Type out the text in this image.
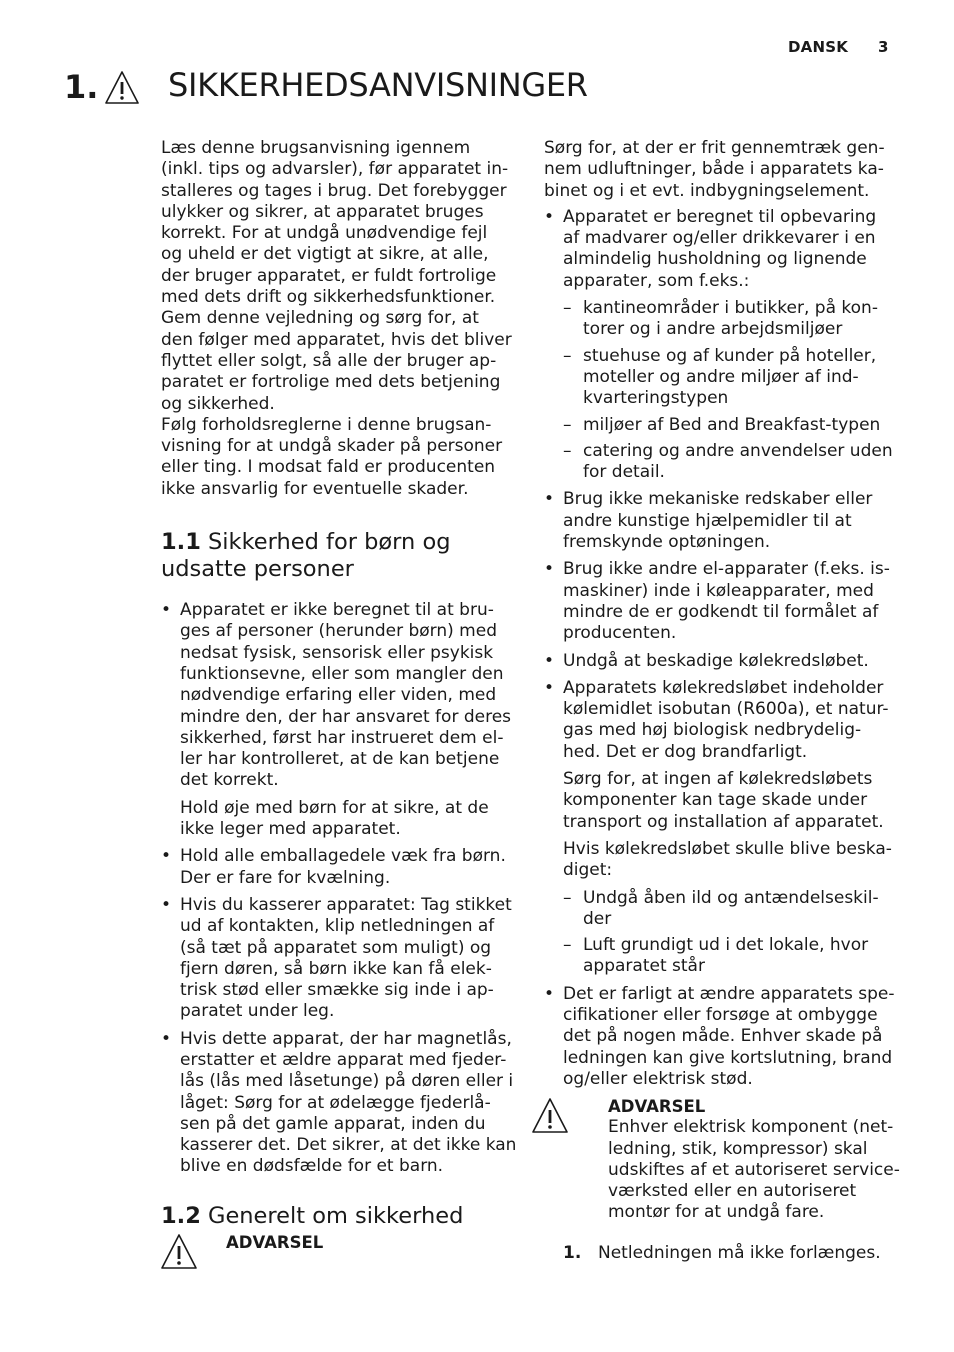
DANSK 3
1. SIKKERHEDSANVISNINGER

Læs denne brugsanvisning igennem
(inkl. tips og advarsler), før apparatet in-
stalleres og tages i brug. Det forebygger
ulykker og sikrer, at apparatet bruges
korrekt. For at undgå unødvendige fejl
og uheld er det vigtigt at sikre, at alle,
der bruger apparatet, er fuldt fortrolige
med dets drift og sikkerhedsfunktioner.
Gem denne vejledning og sørg for, at
den følger med apparatet, hvis det bliver
flyttet eller solgt, så alle der bruger ap-
paratet er fortrolige med dets betjening
og sikkerhed.
Følg forholdsreglerne i denne brugsan-
visning for at undgå skader på personer
eller ting. I modsat fald er producenten
ikke ansvarlig for eventuelle skader.

1.1 Sikkerhed for børn og
udsatte personer
• Apparatet er ikke beregnet til at bru-
ges af personer (herunder børn) med
nedsat fysisk, sensorisk eller psykisk
funktionsevne, eller som mangler den
nødvendige erfaring eller viden, med
mindre den, der har ansvaret for deres
sikkerhed, først har instrueret dem el-
ler har kontrolleret, at de kan betjene
det korrekt.
Hold øje med børn for at sikre, at de
ikke leger med apparatet.
• Hold alle emballagedele væk fra børn.
Der er fare for kvælning.
• Hvis du kasserer apparatet: Tag stikket
ud af kontakten, klip netledningen af
(så tæt på apparatet som muligt) og
fjern døren, så børn ikke kan få elek-
trisk stød eller smække sig inde i ap-
paratet under leg.
• Hvis dette apparat, der har magnetlås,
erstatter et ældre apparat med fjeder-
lås (lås med låsetunge) på døren eller i
låget: Sørg for at ødelægge fjederlå-
sen på det gamle apparat, inden du
kasserer det. Det sikrer, at det ikke kan
blive en dødsfælde for et barn.
1.2 Generelt om sikkerhed
ADVARSEL

Sørg for, at der er frit gennemtræk gen-
nem udluftninger, både i apparatets ka-
binet og i et evt. indbygningselement.

• Apparatet er beregnet til opbevaring
af madvarer og/eller drikkevarer i en
almindelig husholdning og lignende
apparater, som f.eks.:
– kantineområder i butikker, på kon-
torer og i andre arbejdsmiljøer
– stuehuse og af kunder på hoteller,
moteller og andre miljøer af ind-
kvarteringstypen
– miljøer af Bed and Breakfast-typen
– catering og andre anvendelser uden
for detail.
• Brug ikke mekaniske redskaber eller
andre kunstige hjælpemidler til at
fremskynde optøningen.
• Brug ikke andre el-apparater (f.eks. is-
maskiner) inde i køleapparater, med
mindre de er godkendt til formålet af
producenten.
• Undgå at beskadige kølekredsløbet.
• Apparatets kølekredsløbet indeholder
kølemidlet isobutan (R600a), et natur-
gas med høj biologisk nedbrydelig-
hed. Det er dog brandfarligt.
Sørg for, at ingen af kølekredsløbets
komponenter kan tage skade under
transport og installation af apparatet.
Hvis kølekredsløbet skulle blive beska-
diget:
– Undgå åben ild og antændelseskil-
der
– Luft grundigt ud i det lokale, hvor
apparatet står
• Det er farligt at ændre apparatets spe-
cifikationer eller forsøge at ombygge
det på nogen måde. Enhver skade på
ledningen kan give kortslutning, brand
og/eller elektrisk stød.
ADVARSEL
Enhver elektrisk komponent (net-
ledning, stik, kompressor) skal
udskiftes af et autoriseret service-
værksted eller en autoriseret
montør for at undgå fare.
1. Netledningen må ikke forlænges.
